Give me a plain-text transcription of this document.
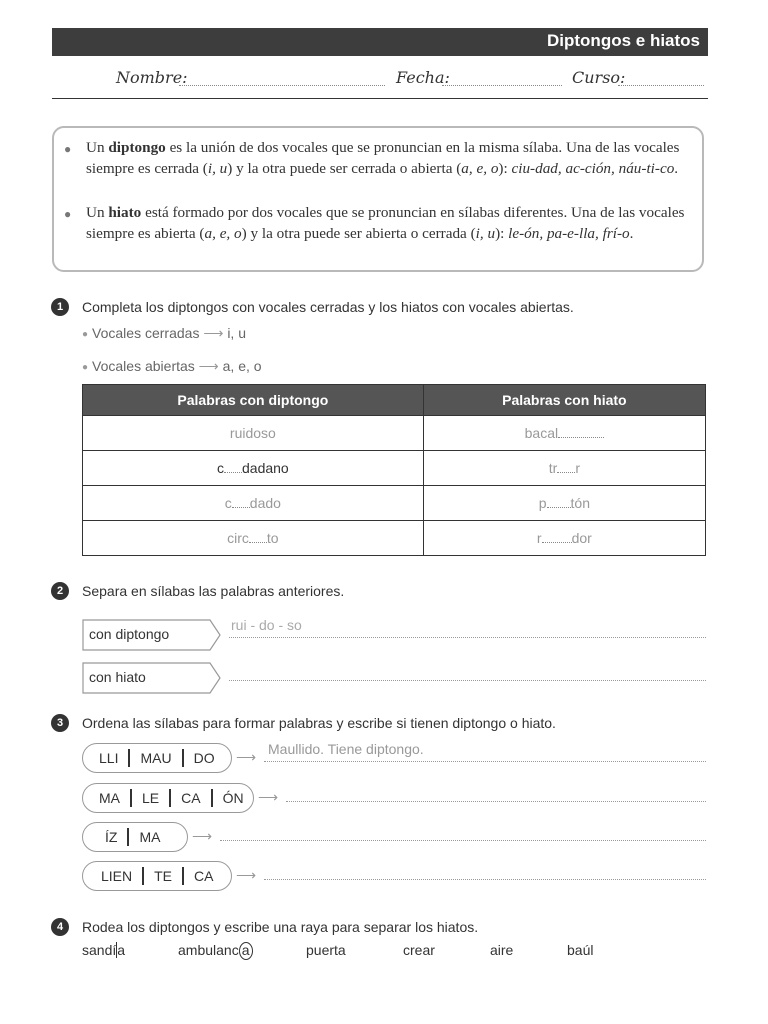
Diptongos e hiatos
Nombre:	Fecha:	Curso:
● Un diptongo es la unión de dos vocales que se pronuncian en la misma sílaba. Una de las vocales siempre es cerrada (i, u) y la otra puede ser cerrada o abierta (a, e, o): ciu-dad, ac-ción, náu-ti-co.
● Un hiato está formado por dos vocales que se pronuncian en sílabas diferentes. Una de las vocales siempre es abierta (a, e, o) y la otra puede ser abierta o cerrada (i, u): le-ón, pa-e-lla, frí-o.
1	Completa los diptongos con vocales cerradas y los hiatos con vocales abiertas.
● Vocales cerradas ⟶ i, u
● Vocales abiertas ⟶ a, e, o
Palabras con diptongo	Palabras con hiato
ruidoso	bacal
c dadano	tr r
c dado	p tón
circ to	r dor
2	Separa en sílabas las palabras anteriores.
con diptongo
rui - do - so
con hiato
3	Ordena las sílabas para formar palabras y escribe si tienen diptongo o hiato.
LLI	MAU	DO	⟶ Maullido. Tiene diptongo.
MA	LE	CA	ÓN	⟶
ÍZ	MA	⟶
LIEN	TE	CA	⟶
4	Rodea los diptongos y escribe una raya para separar los hiatos.
sandía	ambulanc a	puerta	crear	aire	baúl
